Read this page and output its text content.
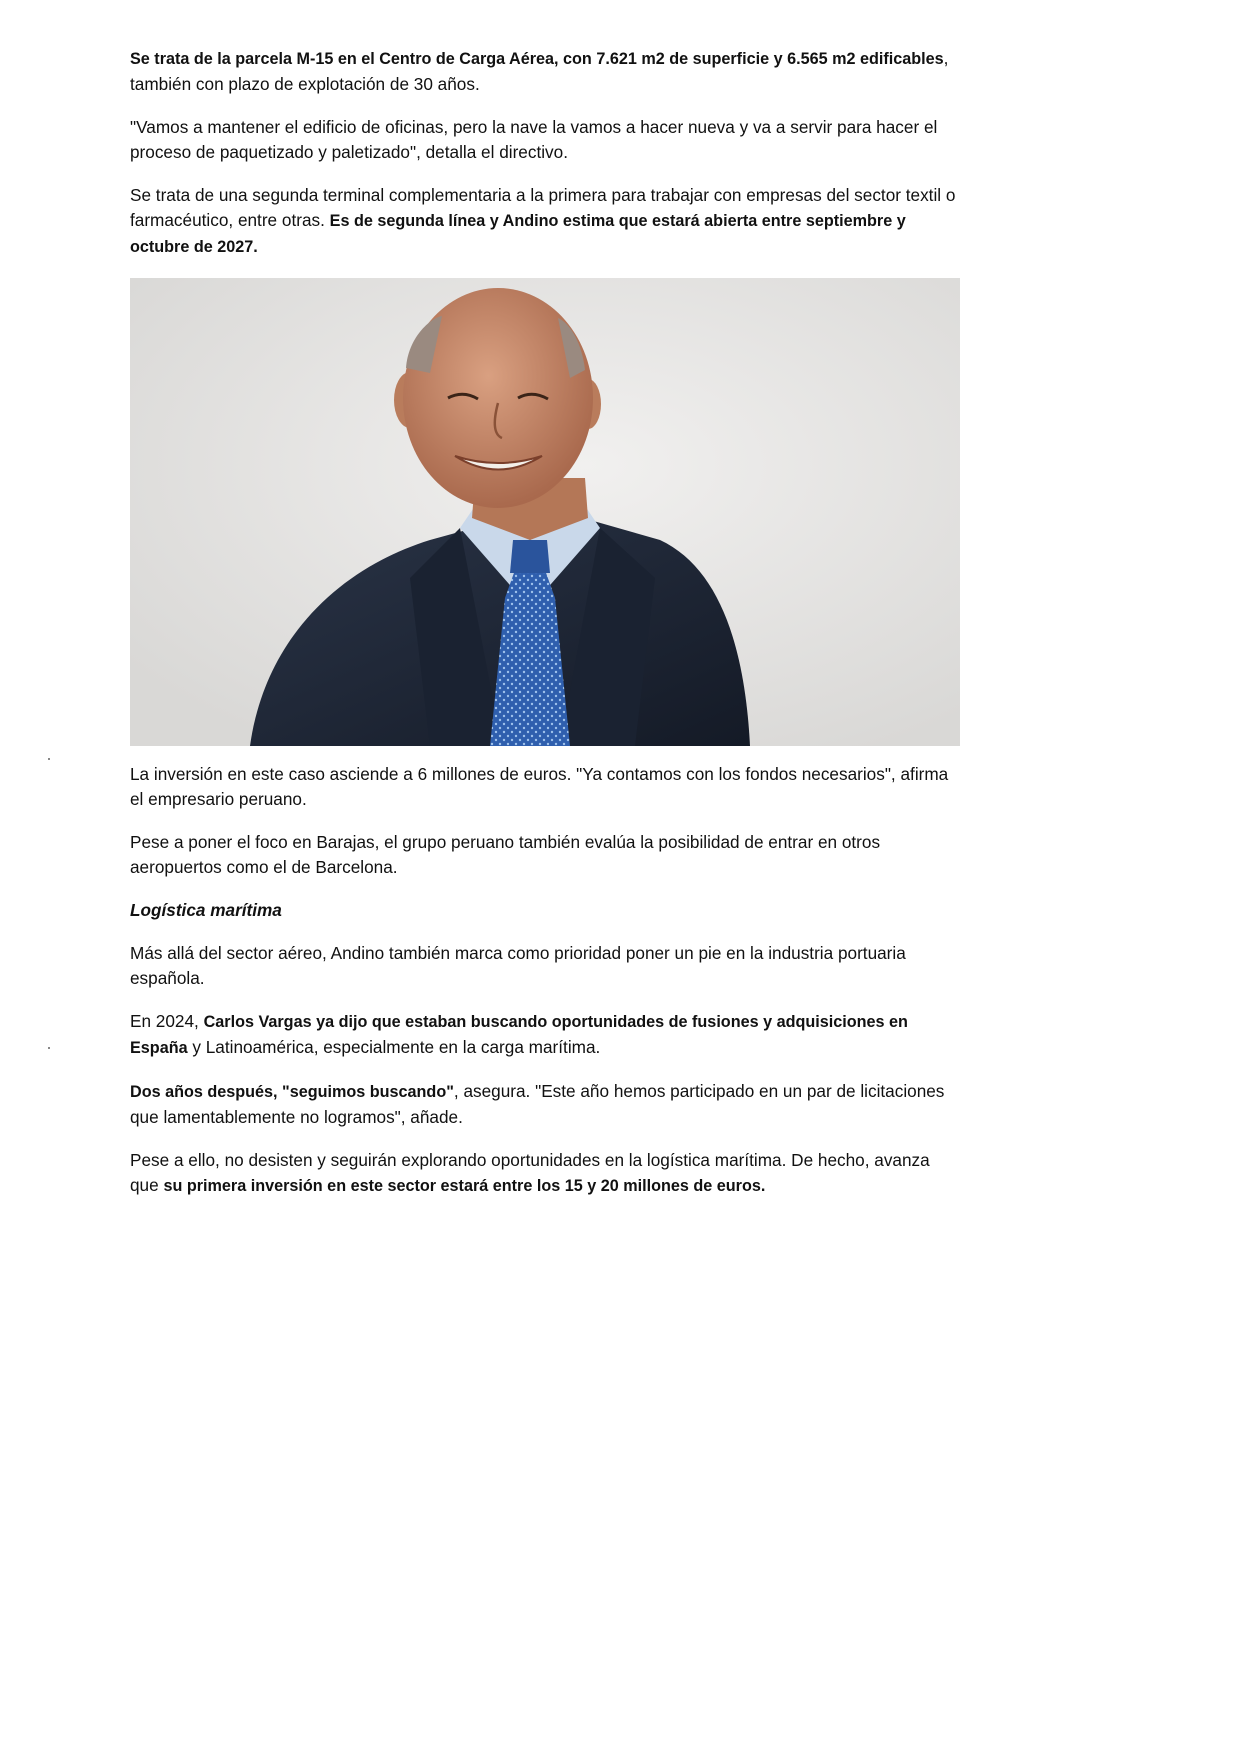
Se trata de la parcela M-15 en el Centro de Carga Aérea, con 7.621 m2 de superficie y 6.565 m2 edificables, también con plazo de explotación de 30 años.

"Vamos a mantener el edificio de oficinas, pero la nave la vamos a hacer nueva y va a servir para hacer el proceso de paquetizado y paletizado", detalla el directivo.

Se trata de una segunda terminal complementaria a la primera para trabajar con empresas del sector textil o farmacéutico, entre otras. Es de segunda línea y Andino estima que estará abierta entre septiembre y octubre de 2027.

La inversión en este caso asciende a 6 millones de euros. "Ya contamos con los fondos necesarios", afirma el empresario peruano.

Pese a poner el foco en Barajas, el grupo peruano también evalúa la posibilidad de entrar en otros aeropuertos como el de Barcelona.

Logística marítima

Más allá del sector aéreo, Andino también marca como prioridad poner un pie en la industria portuaria española.

En 2024, Carlos Vargas ya dijo que estaban buscando oportunidades de fusiones y adquisiciones en España y Latinoamérica, especialmente en la carga marítima.

Dos años después, "seguimos buscando", asegura. "Este año hemos participado en un par de licitaciones que lamentablemente no logramos", añade.

Pese a ello, no desisten y seguirán explorando oportunidades en la logística marítima. De hecho, avanza que su primera inversión en este sector estará entre los 15 y 20 millones de euros.
